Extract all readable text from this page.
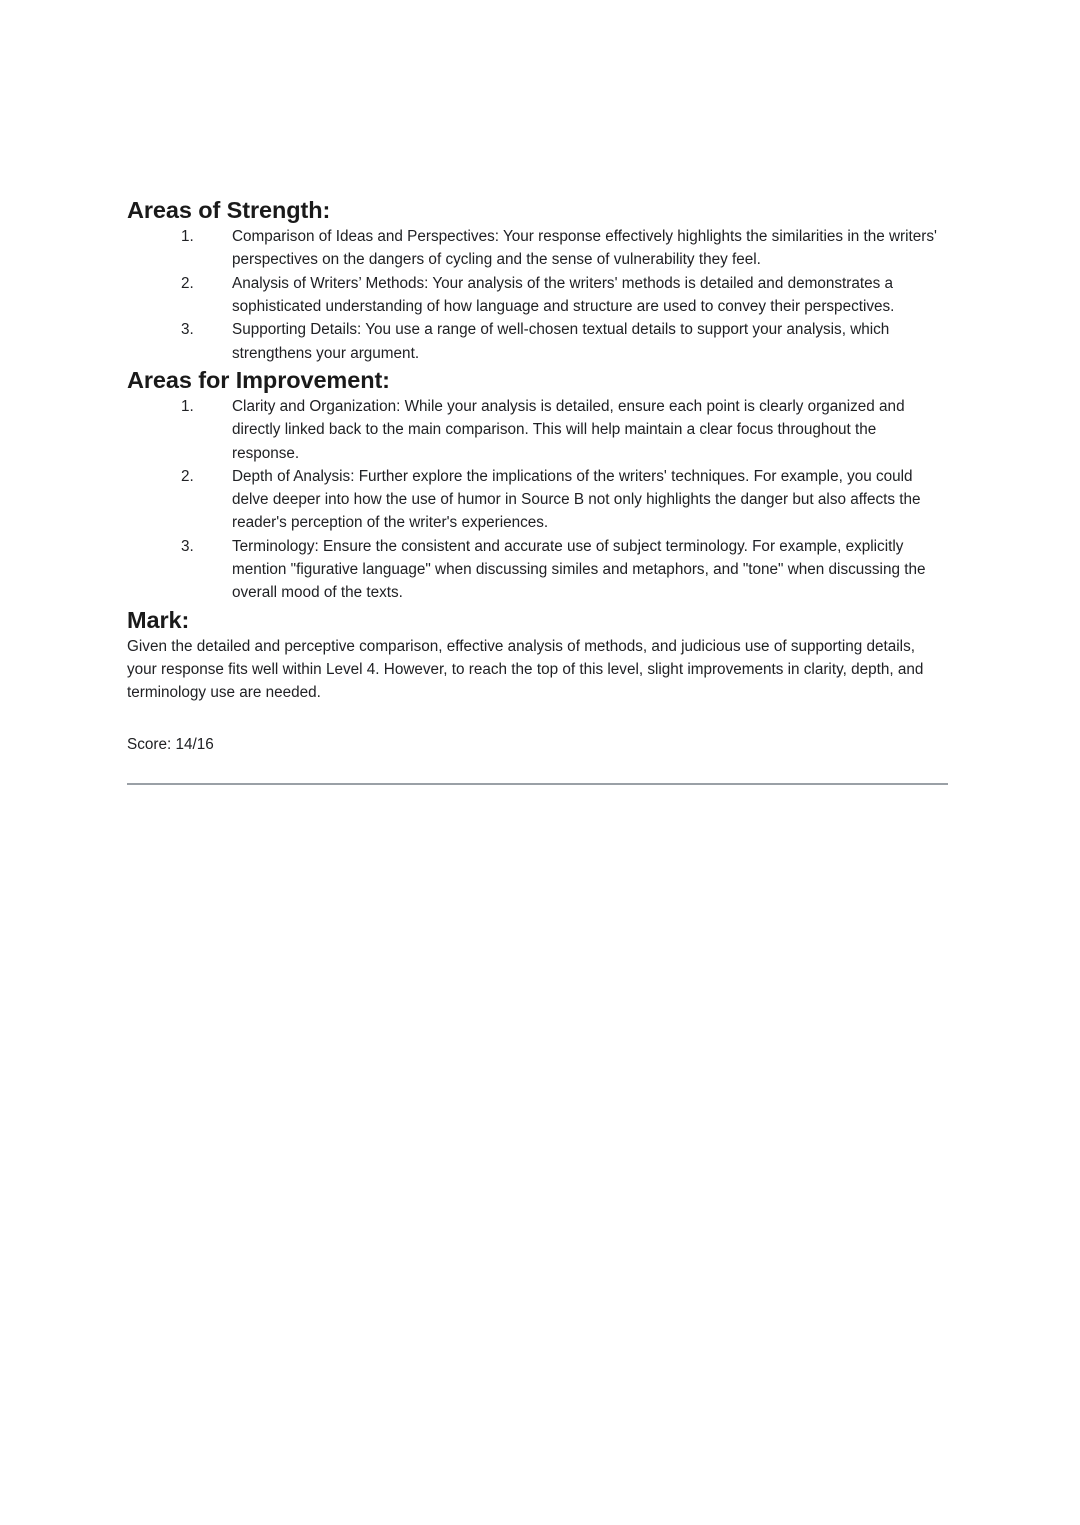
Areas of Strength:
1. Comparison of Ideas and Perspectives: Your response effectively highlights the similarities in the writers' perspectives on the dangers of cycling and the sense of vulnerability they feel.
2. Analysis of Writers’ Methods: Your analysis of the writers' methods is detailed and demonstrates a sophisticated understanding of how language and structure are used to convey their perspectives.
3. Supporting Details: You use a range of well-chosen textual details to support your analysis, which strengthens your argument.
Areas for Improvement:
1. Clarity and Organization: While your analysis is detailed, ensure each point is clearly organized and directly linked back to the main comparison. This will help maintain a clear focus throughout the response.
2. Depth of Analysis: Further explore the implications of the writers' techniques. For example, you could delve deeper into how the use of humor in Source B not only highlights the danger but also affects the reader's perception of the writer's experiences.
3. Terminology: Ensure the consistent and accurate use of subject terminology. For example, explicitly mention "figurative language" when discussing similes and metaphors, and "tone" when discussing the overall mood of the texts.
Mark:

Given the detailed and perceptive comparison, effective analysis of methods, and judicious use of supporting details, your response fits well within Level 4. However, to reach the top of this level, slight improvements in clarity, depth, and terminology use are needed.

Score: 14/16
